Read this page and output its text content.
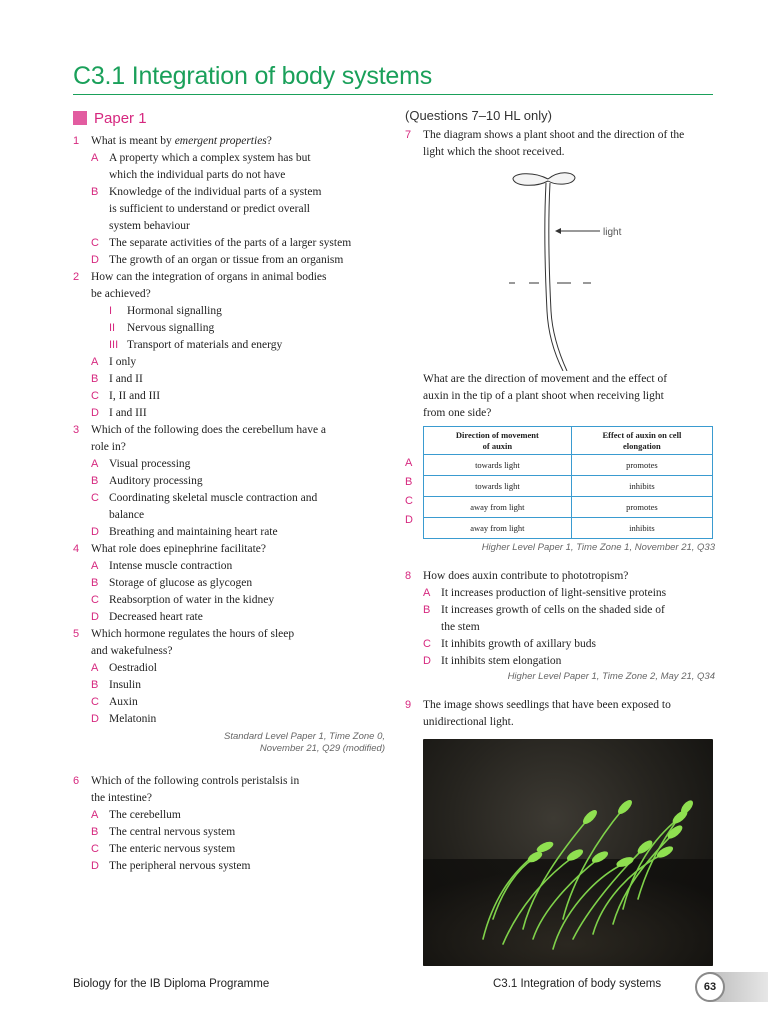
C3.1 Integration of body systems
Paper 1
1	What is meant by emergent properties?
A A property which a complex system has but
which the individual parts do not have
B Knowledge of the individual parts of a system
is sufficient to understand or predict overall
system behaviour
C The separate activities of the parts of a larger system
D The growth of an organ or tissue from an organism
2	How can the integration of organs in animal bodies
be achieved?
I	Hormonal signalling
II	Nervous signalling
III Transport of materials and energy
A I only
B I and II
C I, II and III
D I and III
3	Which of the following does the cerebellum have a
role in?
A Visual processing
B Auditory processing
C Coordinating skeletal muscle contraction and
balance
D Breathing and maintaining heart rate
4	What role does epinephrine facilitate?
A Intense muscle contraction
B Storage of glucose as glycogen
C Reabsorption of water in the kidney
D Decreased heart rate
5	Which hormone regulates the hours of sleep
and wakefulness?
A Oestradiol
B Insulin
C Auxin
D Melatonin
Standard Level Paper 1, Time Zone 0,
November 21, Q29 (modified)
6	Which of the following controls peristalsis in
the intestine?
A The cerebellum
B The central nervous system
C The enteric nervous system
D The peripheral nervous system
(Questions 7–10 HL only)
7	The diagram shows a plant shoot and the direction of the
light which the shoot received.
light
What are the direction of movement and the effect of
auxin in the tip of a plant shoot when receiving light
from one side?
A
B
C
D
Direction of movement
of auxin	Effect of auxin on cell
elongation
towards light	promotes
towards light	inhibits
away from light	promotes
away from light	inhibits
Higher Level Paper 1, Time Zone 1, November 21, Q33
8	How does auxin contribute to phototropism?
A It increases production of light-sensitive proteins
B It increases growth of cells on the shaded side of
the stem
C It inhibits growth of axillary buds
D It inhibits stem elongation
Higher Level Paper 1, Time Zone 2, May 21, Q34
9	The image shows seedlings that have been exposed to
unidirectional light.
Biology for the IB Diploma Programme	C3.1 Integration of body systems	63
